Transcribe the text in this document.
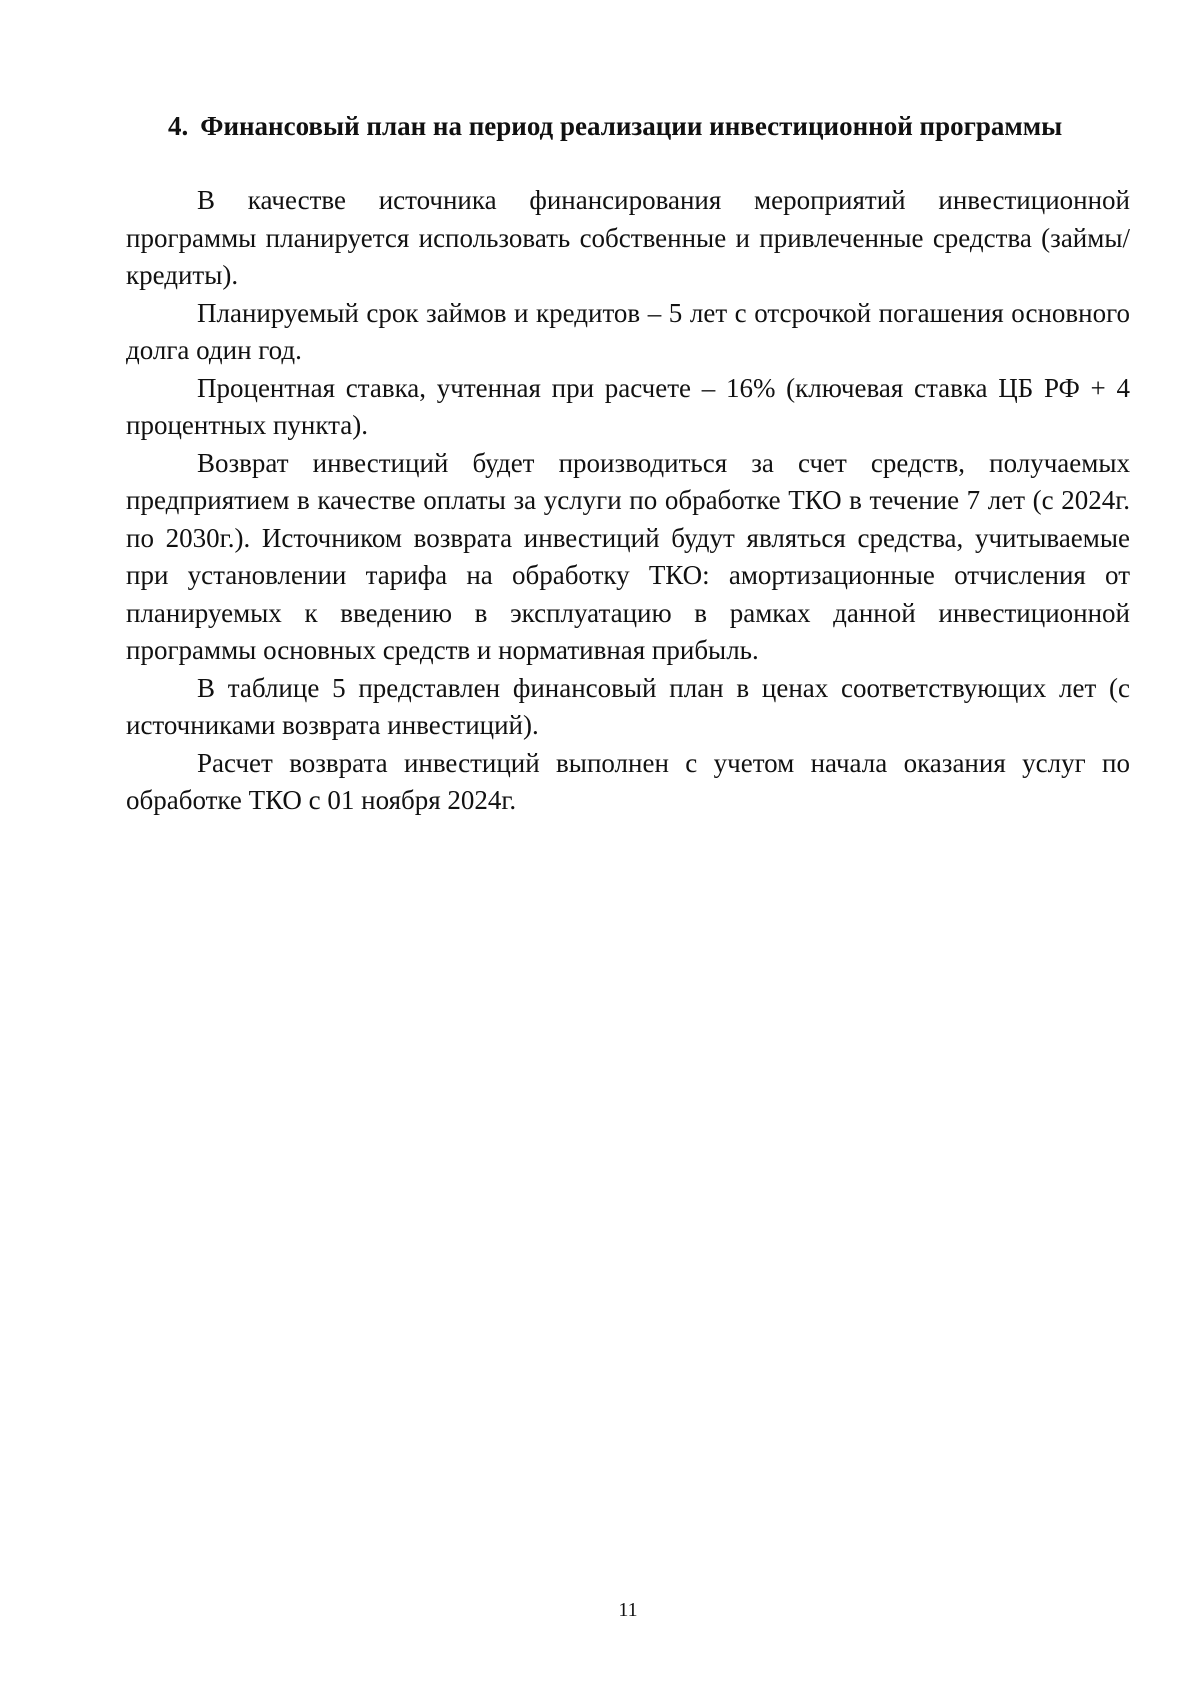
4. Финансовый план на период реализации инвестиционной программы

В качестве источника финансирования мероприятий инвестиционной программы планируется использовать собственные и привлеченные средства (займы/кредиты).

Планируемый срок займов и кредитов – 5 лет с отсрочкой погашения основного долга один год.

Процентная ставка, учтенная при расчете – 16% (ключевая ставка ЦБ РФ + 4 процентных пункта).

Возврат инвестиций будет производиться за счет средств, получаемых предприятием в качестве оплаты за услуги по обработке ТКО в течение 7 лет (с 2024г. по 2030г.). Источником возврата инвестиций будут являться средства, учитываемые при установлении тарифа на обработку ТКО: амортизационные отчисления от планируемых к введению в эксплуатацию в рамках данной инвестиционной программы основных средств и нормативная прибыль.

В таблице 5 представлен финансовый план в ценах соответствующих лет (с источниками возврата инвестиций).

Расчет возврата инвестиций выполнен с учетом начала оказания услуг по обработке ТКО с 01 ноября 2024г.

11
